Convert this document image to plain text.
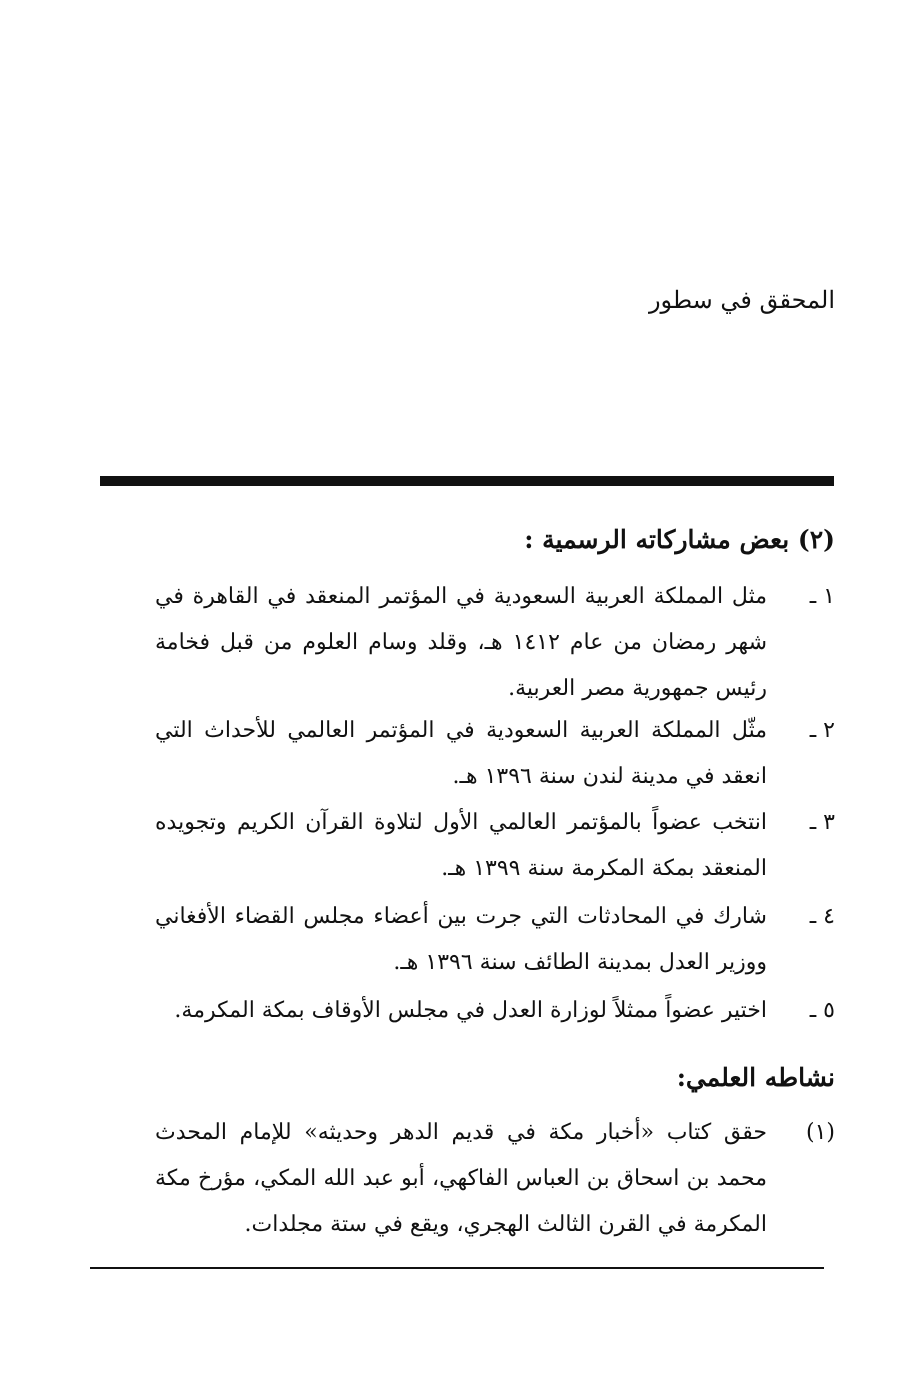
المحقق في سطور
(٢) بعض مشاركاته الرسمية :
١ ـ
مثل المملكة العربية السعودية في المؤتمر المنعقد في القاهرة في شهر رمضان من عام ١٤١٢ هـ، وقلد وسام العلوم من قبل فخامة رئيس جمهورية مصر العربية.
٢ ـ
مثّل المملكة العربية السعودية في المؤتمر العالمي للأحداث التي انعقد في مدينة لندن سنة ١٣٩٦ هـ.
٣ ـ
انتخب عضواً بالمؤتمر العالمي الأول لتلاوة القرآن الكريم وتجويده المنعقد بمكة المكرمة سنة ١٣٩٩ هـ.
٤ ـ
شارك في المحادثات التي جرت بين أعضاء مجلس القضاء الأفغاني ووزير العدل بمدينة الطائف سنة ١٣٩٦ هـ.
٥ ـ
اختير عضواً ممثلاً لوزارة العدل في مجلس الأوقاف بمكة المكرمة.
نشاطه العلمي:
(١)
حقق كتاب «أخبار مكة في قديم الدهر وحديثه» للإمام المحدث محمد بن اسحاق بن العباس الفاكهي، أبو عبد الله المكي، مؤرخ مكة المكرمة في القرن الثالث الهجري، ويقع في ستة مجلدات.
